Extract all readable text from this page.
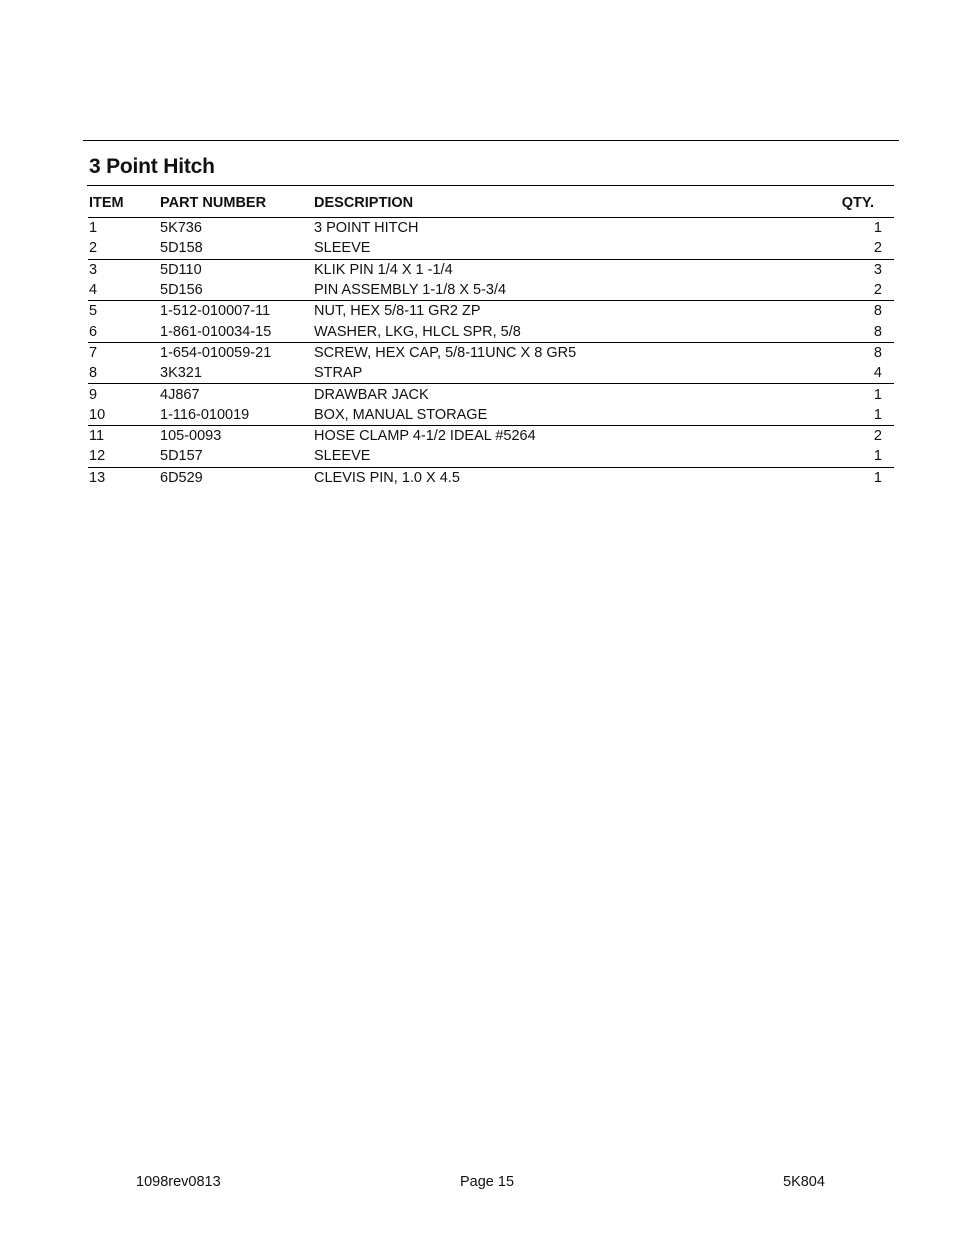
3 Point Hitch
ITEM	PART NUMBER	DESCRIPTION	QTY.
1	5K736	3 POINT HITCH	1
2	5D158	SLEEVE	2
3	5D110	KLIK PIN 1/4 X 1 -1/4	3
4	5D156	PIN ASSEMBLY 1-1/8 X 5-3/4	2
5	1-512-010007-11	NUT, HEX 5/8-11 GR2 ZP	8
6	1-861-010034-15	WASHER, LKG, HLCL SPR, 5/8	8
7	1-654-010059-21	SCREW, HEX CAP, 5/8-11UNC X 8 GR5	8
8	3K321	STRAP	4
9	4J867	DRAWBAR JACK	1
10	1-116-010019	BOX, MANUAL STORAGE	1
11	105-0093	HOSE CLAMP 4-1/2 IDEAL #5264	2
12	5D157	SLEEVE	1
13	6D529	CLEVIS PIN, 1.0 X 4.5	1
1098rev0813	Page 15	5K804
